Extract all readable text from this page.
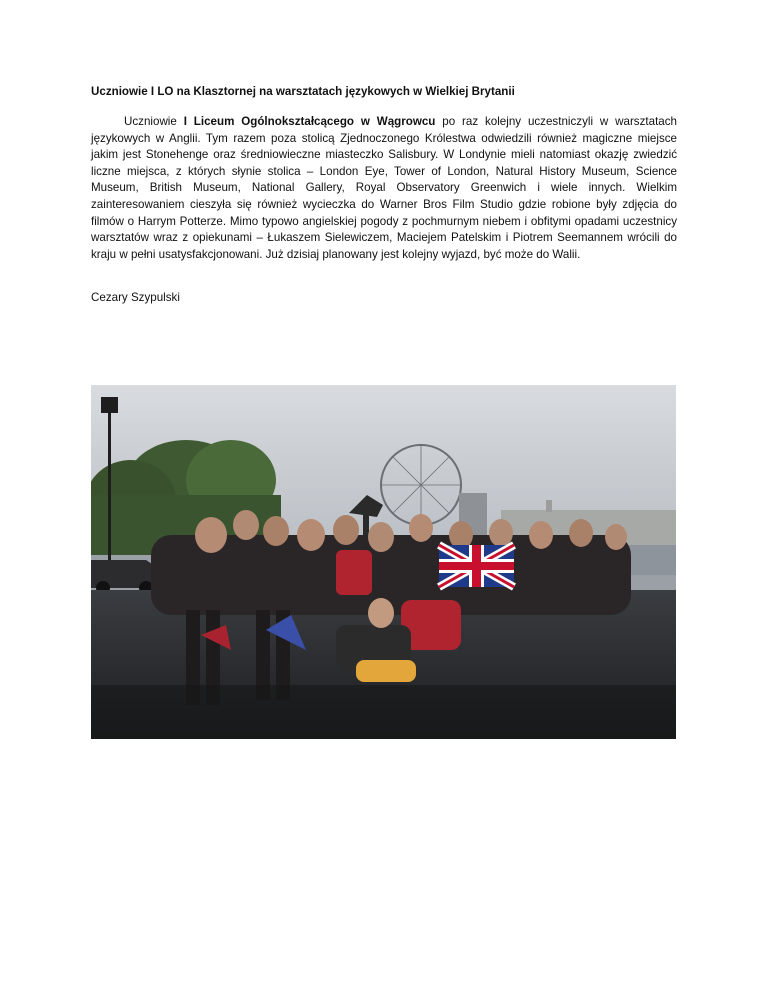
Uczniowie I LO na Klasztornej na warsztatach językowych w Wielkiej Brytanii

Uczniowie I Liceum Ogólnokształcącego w Wągrowcu po raz kolejny uczestniczyli w warsztatach językowych w Anglii. Tym razem poza stolicą Zjednoczonego Królestwa odwiedzili również magiczne miejsce jakim jest Stonehenge oraz średniowieczne miasteczko Salisbury. W Londynie mieli natomiast okazję zwiedzić liczne miejsca, z których słynie stolica – London Eye, Tower of London, Natural History Museum, Science Museum, British Museum, National Gallery, Royal Observatory Greenwich i wiele innych. Wielkim zainteresowaniem cieszyła się również wycieczka do Warner Bros Film Studio gdzie robione były zdjęcia do filmów o Harrym Potterze. Mimo typowo angielskiej pogody z pochmurnym niebem i obfitymi opadami uczestnicy warsztatów wraz z opiekunami – Łukaszem Sielewiczem, Maciejem Patelskim i Piotrem Seemannem wrócili do kraju w pełni usatysfakcjonowani. Już dzisiaj planowany jest kolejny wyjazd, być może do Walii.

Cezary Szypulski
